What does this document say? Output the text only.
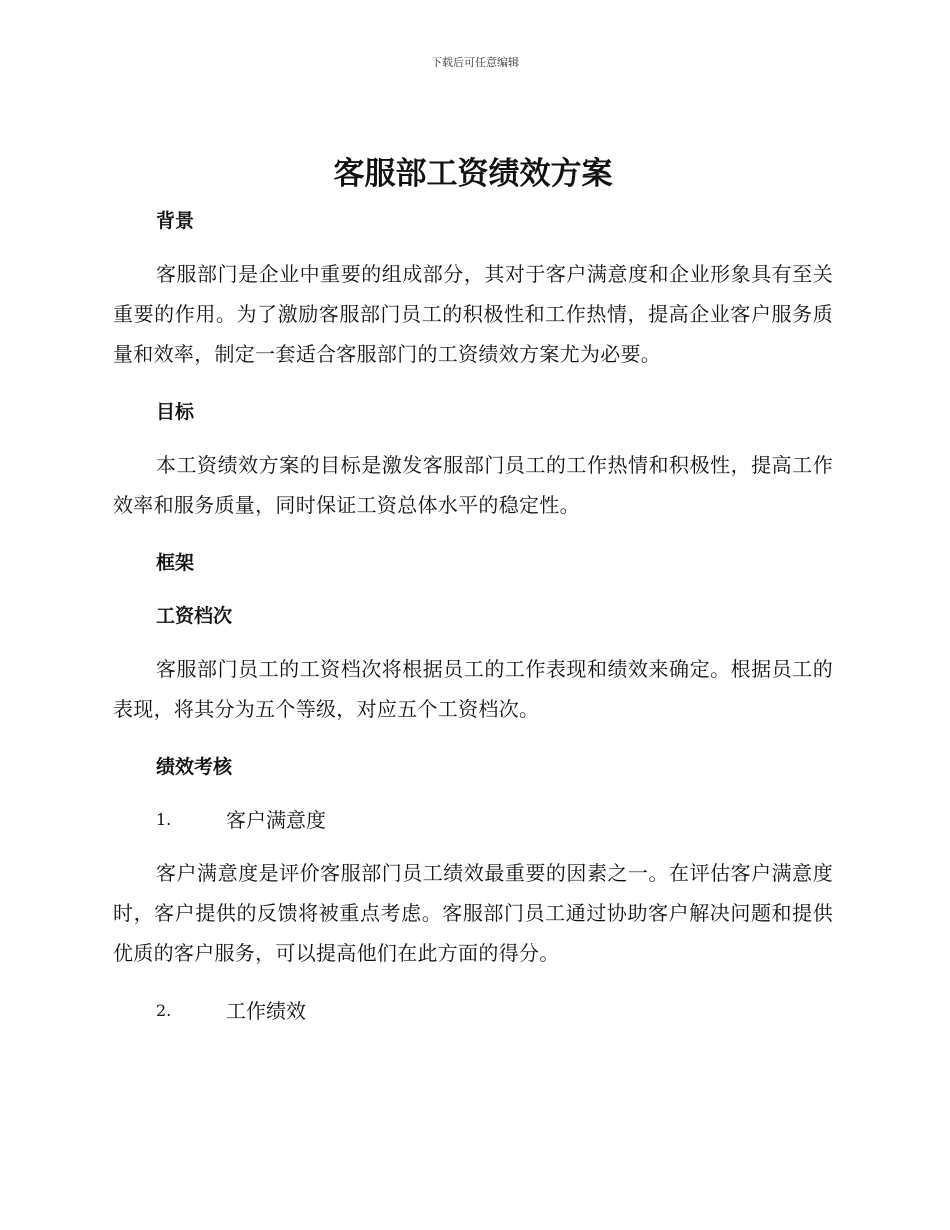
下载后可任意编辑
客服部工资绩效方案
背景

客服部门是企业中重要的组成部分，其对于客户满意度和企业形象具有至关重要的作用。为了激励客服部门员工的积极性和工作热情，提高企业客户服务质量和效率，制定一套适合客服部门的工资绩效方案尤为必要。

目标

本工资绩效方案的目标是激发客服部门员工的工作热情和积极性，提高工作效率和服务质量，同时保证工资总体水平的稳定性。

框架
工资档次

客服部门员工的工资档次将根据员工的工作表现和绩效来确定。根据员工的表现，将其分为五个等级，对应五个工资档次。

绩效考核
1.	客户满意度

客户满意度是评价客服部门员工绩效最重要的因素之一。在评估客户满意度时，客户提供的反馈将被重点考虑。客服部门员工通过协助客户解决问题和提供优质的客户服务，可以提高他们在此方面的得分。

2.	工作绩效
